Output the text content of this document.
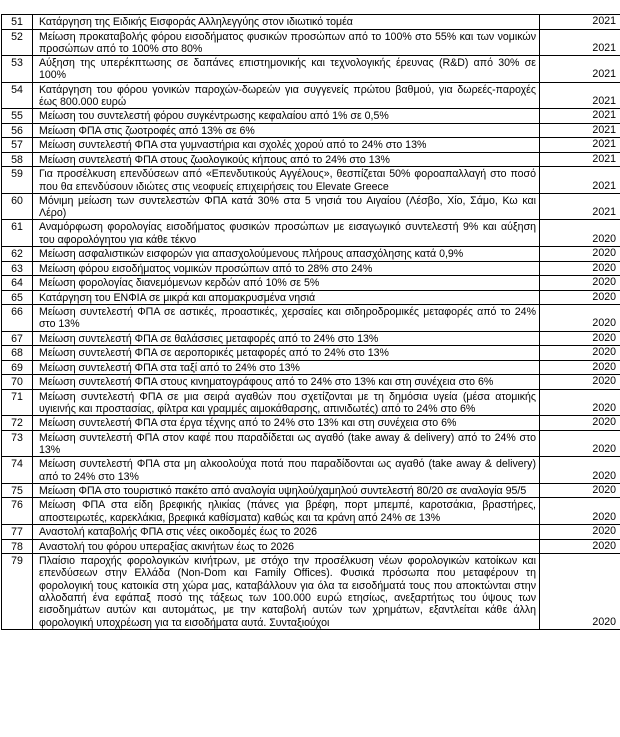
51	Κατάργηση της Ειδικής Εισφοράς Αλληλεγγύης στον ιδιωτικό τομέα	2021
52	Μείωση προκαταβολής φόρου εισοδήματος φυσικών προσώπων από το 100% στο 55% και των νομικών προσώπων από το 100% στο 80%	2021
53	Αύξηση της υπερέκπτωσης σε δαπάνες επιστημονικής και τεχνολογικής έρευνας (R&D) από 30% σε 100%	2021
54	Κατάργηση του φόρου γονικών παροχών-δωρεών για συγγενείς πρώτου βαθμού, για δωρεές-παροχές έως 800.000 ευρώ	2021
55	Μείωση του συντελεστή φόρου συγκέντρωσης κεφαλαίου από 1% σε 0,5%	2021
56	Μείωση ΦΠΑ στις ζωοτροφές από 13% σε 6%	2021
57	Μείωση συντελεστή ΦΠΑ στα γυμναστήρια και σχολές χορού από το 24% στο 13%	2021
58	Μείωση συντελεστή ΦΠΑ στους ζωολογικούς κήπους από το 24% στο 13%	2021
59	Για προσέλκυση επενδύσεων από «Επενδυτικούς Αγγέλους», θεσπίζεται 50% φοροαπαλλαγή στο ποσό που θα επενδύσουν ιδιώτες στις νεοφυείς επιχειρήσεις του Elevate Greece	2021
60	Μόνιμη μείωση των συντελεστών ΦΠΑ κατά 30% στα 5 νησιά του Αιγαίου (Λέσβο, Χίο, Σάμο, Κω και Λέρο)	2021
61	Αναμόρφωση φορολογίας εισοδήματος φυσικών προσώπων με εισαγωγικό συντελεστή 9% και αύξηση του αφορολόγητου για κάθε τέκνο	2020
62	Μείωση ασφαλιστικών εισφορών για απασχολούμενους πλήρους απασχόλησης κατά 0,9%	2020
63	Μείωση φόρου εισοδήματος νομικών προσώπων από το 28% στο 24%	2020
64	Μείωση φορολογίας διανεμόμενων κερδών από 10% σε 5%	2020
65	Κατάργηση του ΕΝΦΙΑ σε μικρά και απομακρυσμένα νησιά	2020
66	Μείωση συντελεστή ΦΠΑ σε αστικές, προαστικές, χερσαίες και σιδηροδρομικές μεταφορές από το 24% στο 13%	2020
67	Μείωση συντελεστή ΦΠΑ σε θαλάσσιες μεταφορές από το 24% στο 13%	2020
68	Μείωση συντελεστή ΦΠΑ σε αεροπορικές μεταφορές από το 24% στο 13%	2020
69	Μείωση συντελεστή ΦΠΑ στα ταξί από το 24% στο 13%	2020
70	Μείωση συντελεστή ΦΠΑ στους κινηματογράφους από το 24% στο 13% και στη συνέχεια στο 6%	2020
71	Μείωση συντελεστή ΦΠΑ σε μια σειρά αγαθών που σχετίζονται με τη δημόσια υγεία (μέσα ατομικής υγιεινής και προστασίας, φίλτρα και γραμμές αιμοκάθαρσης, απινιδωτές) από το 24% στο 6%	2020
72	Μείωση συντελεστή ΦΠΑ στα έργα τέχνης από το 24% στο 13% και στη συνέχεια στο 6%	2020
73	Μείωση συντελεστή ΦΠΑ στον καφέ που παραδίδεται ως αγαθό (take away & delivery) από το 24% στο 13%	2020
74	Μείωση συντελεστή ΦΠΑ στα μη αλκοολούχα ποτά που παραδίδονται ως αγαθό (take away & delivery) από το 24% στο 13%	2020
75	Μείωση ΦΠΑ στο τουριστικό πακέτο από αναλογία υψηλού/χαμηλού συντελεστή 80/20 σε αναλογία 95/5	2020
76	Μείωση ΦΠΑ στα είδη βρεφικής ηλικίας (πάνες για βρέφη, πορτ μπεμπέ, καροτσάκια, βραστήρες, αποστειρωτές, καρεκλάκια, βρεφικά καθίσματα) καθώς και τα κράνη από 24% σε 13%	2020
77	Αναστολή καταβολής ΦΠΑ στις νέες οικοδομές έως το 2026	2020
78	Αναστολή του φόρου υπεραξίας ακινήτων έως το 2026	2020
79	Πλαίσιο παροχής φορολογικών κινήτρων, με στόχο την προσέλκυση νέων φορολογικών κατοίκων και επενδύσεων στην Ελλάδα (Non-Dom και Family Offices). Φυσικά πρόσωπα που μεταφέρουν τη φορολογική τους κατοικία στη χώρα μας, καταβάλλουν για όλα τα εισοδήματά τους που αποκτώνται στην αλλοδαπή ένα εφάπαξ ποσό της τάξεως των 100.000 ευρώ ετησίως, ανεξαρτήτως του ύψους των εισοδημάτων αυτών και αυτομάτως, με την καταβολή αυτών των χρημάτων, εξαντλείται κάθε άλλη φορολογική υποχρέωση για τα εισοδήματα αυτά. Συνταξιούχοι	2020
